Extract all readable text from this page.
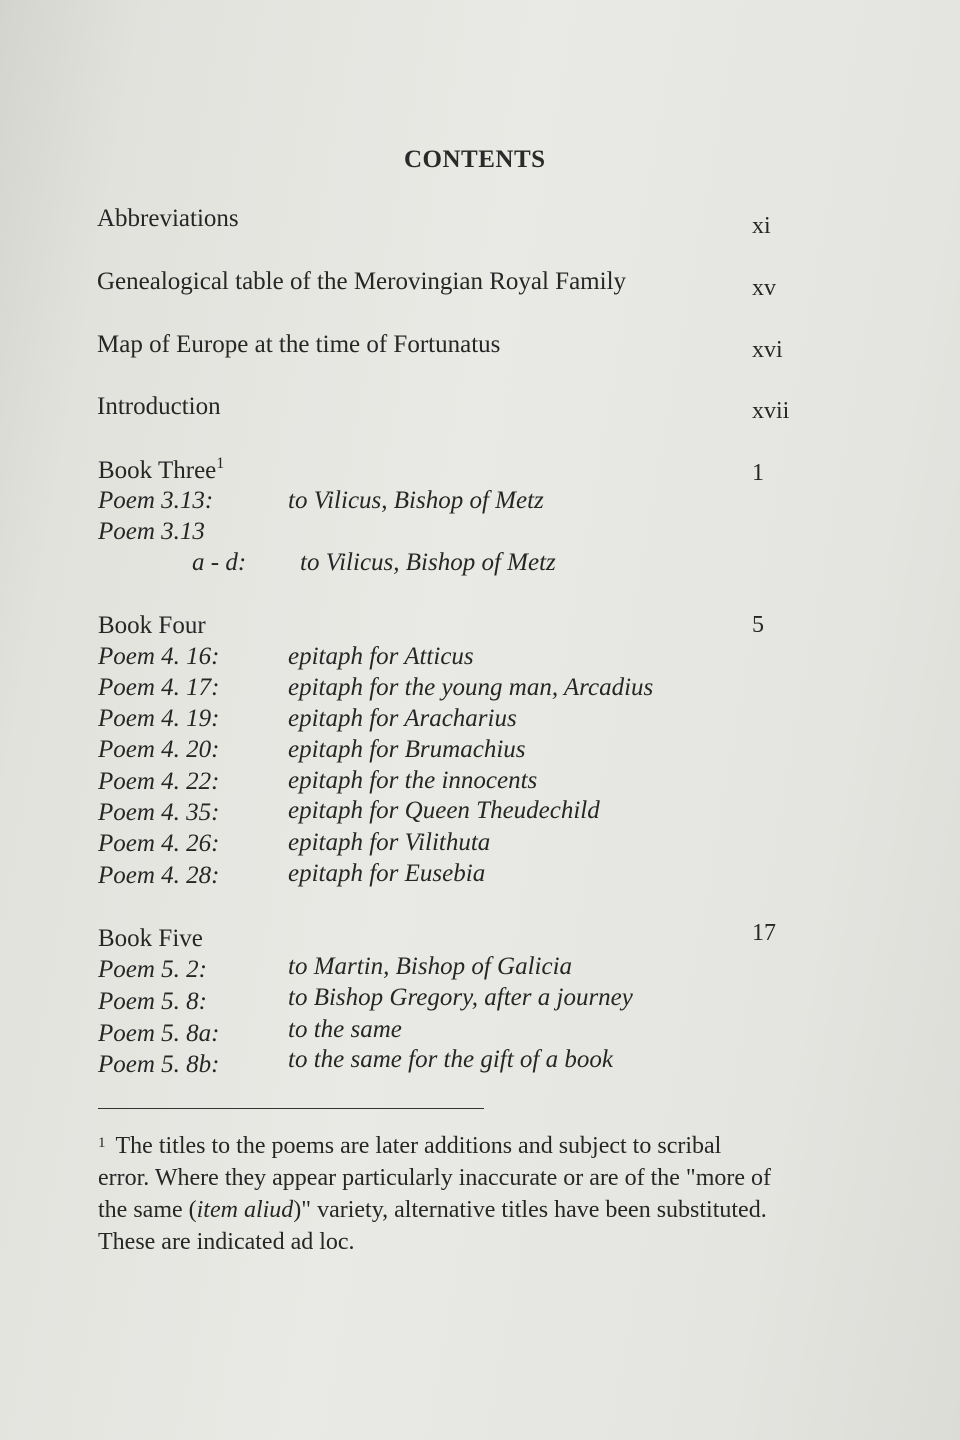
CONTENTS
Abbreviations	xi
Genealogical table of the Merovingian Royal Family	xv
Map of Europe at the time of Fortunatus	xvi
Introduction	xvii
Book Three$^1$	1
Poem 3.13:	to Vilicus, Bishop of Metz
Poem 3.13
a - d: to Vilicus, Bishop of Metz
Book Four	5
Poem 4. 16:	epitaph for Atticus
Poem 4. 17:	epitaph for the young man, Arcadius
Poem 4. 19:	epitaph for Aracharius
Poem 4. 20:	epitaph for Brumachius
Poem 4. 22:	epitaph for the innocents
Poem 4. 35:	epitaph for Queen Theudechild
Poem 4. 26:	epitaph for Vilithuta
Poem 4. 28:	epitaph for Eusebia
Book Five	17
Poem 5. 2:	to Martin, Bishop of Galicia
Poem 5. 8:	to Bishop Gregory, after a journey
Poem 5. 8a:	to the same
Poem 5. 8b:	to the same for the gift of a book
$^1$ The titles to the poems are later additions and subject to scribal
error. Where they appear particularly inaccurate or are of the "more of
the same (item aliud)" variety, alternative titles have been substituted.
These are indicated ad loc.
